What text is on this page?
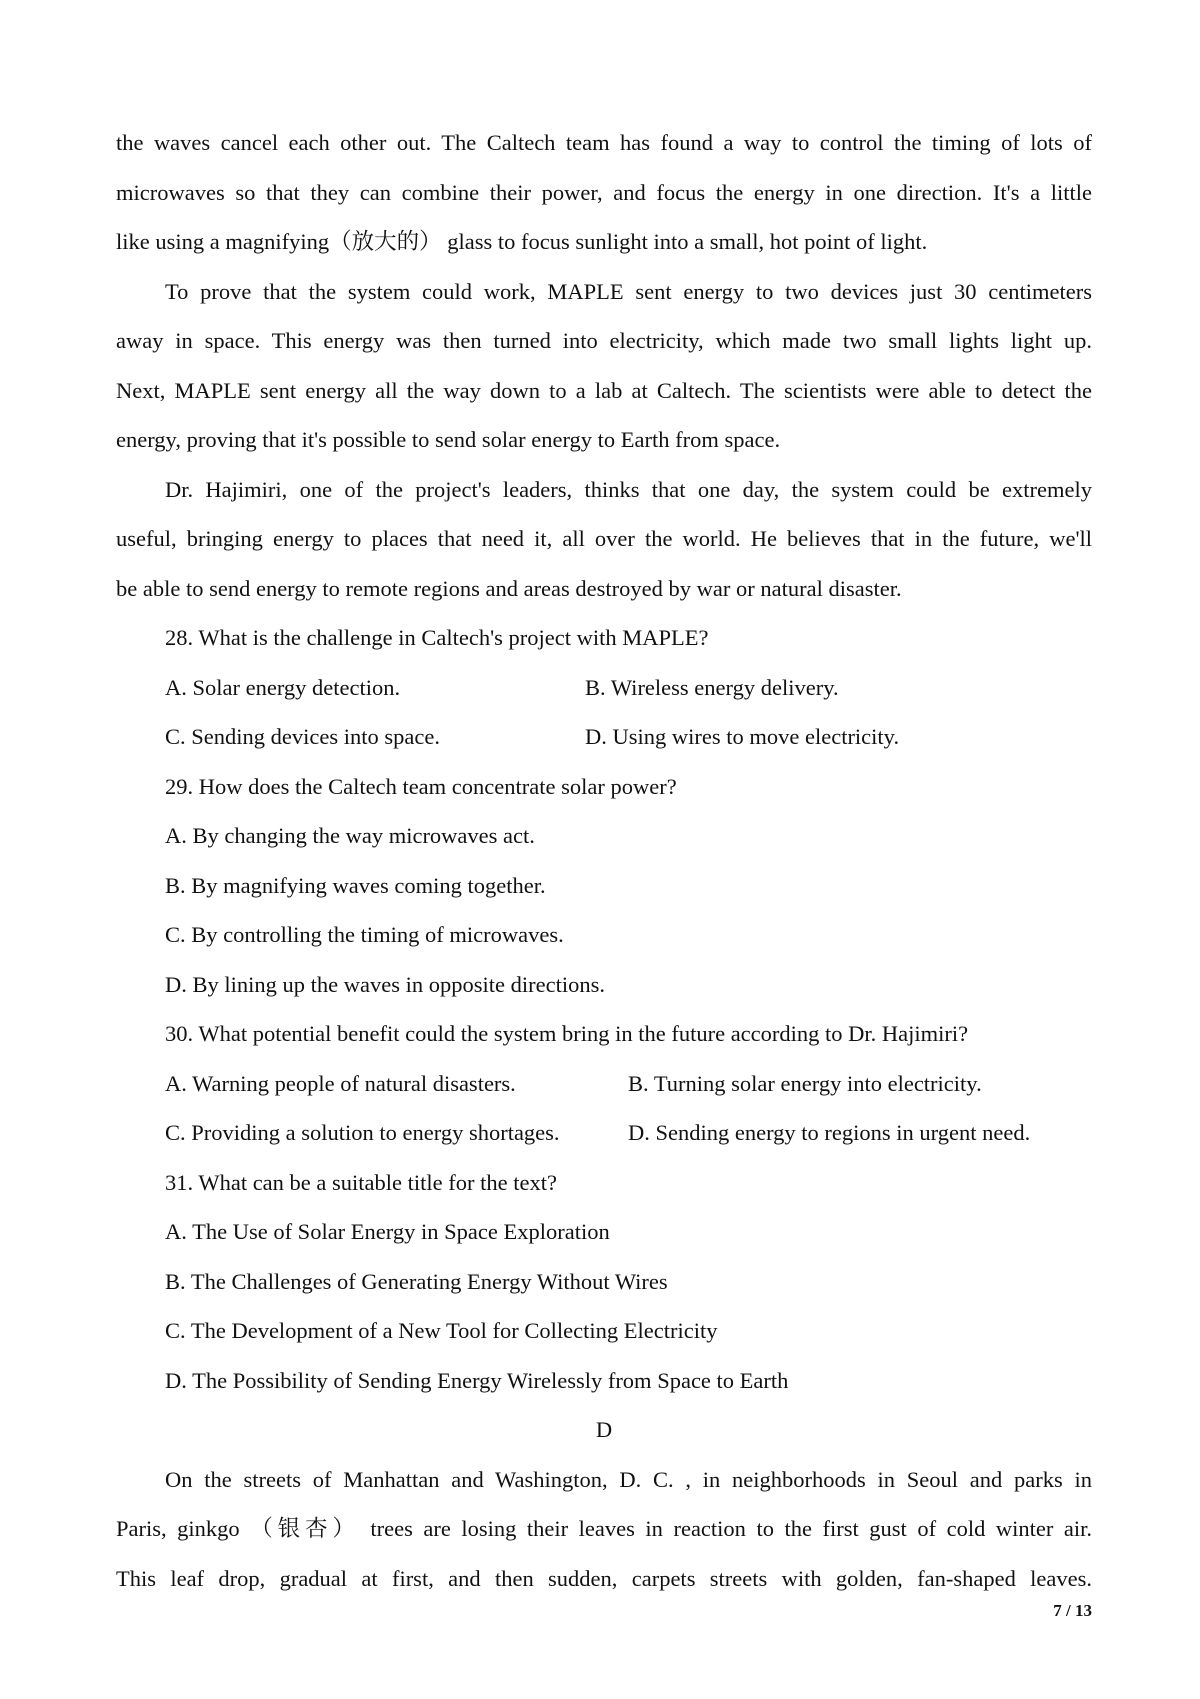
the waves cancel each other out. The Caltech team has found a way to control the timing of lots of
microwaves so that they can combine their power, and focus the energy in one direction. It's a little
like using a magnifying（放大的） glass to focus sunlight into a small, hot point of light.
To prove that the system could work, MAPLE sent energy to two devices just 30 centimeters
away in space. This energy was then turned into electricity, which made two small lights light up.
Next, MAPLE sent energy all the way down to a lab at Caltech. The scientists were able to detect the
energy, proving that it's possible to send solar energy to Earth from space.
Dr. Hajimiri, one of the project's leaders, thinks that one day, the system could be extremely
useful, bringing energy to places that need it, all over the world. He believes that in the future, we'll
be able to send energy to remote regions and areas destroyed by war or natural disaster.
28. What is the challenge in Caltech's project with MAPLE?
A. Solar energy detection.	B. Wireless energy delivery.
C. Sending devices into space.	D. Using wires to move electricity.
29. How does the Caltech team concentrate solar power?
A. By changing the way microwaves act.
B. By magnifying waves coming together.
C. By controlling the timing of microwaves.
D. By lining up the waves in opposite directions.
30. What potential benefit could the system bring in the future according to Dr. Hajimiri?
A. Warning people of natural disasters.	B. Turning solar energy into electricity.
C. Providing a solution to energy shortages.	D. Sending energy to regions in urgent need.
31. What can be a suitable title for the text?
A. The Use of Solar Energy in Space Exploration
B. The Challenges of Generating Energy Without Wires
C. The Development of a New Tool for Collecting Electricity
D. The Possibility of Sending Energy Wirelessly from Space to Earth
D
On the streets of Manhattan and Washington, D. C. , in neighborhoods in Seoul and parks in
Paris, ginkgo （银杏） trees are losing their leaves in reaction to the first gust of cold winter air.
This leaf drop, gradual at first, and then sudden, carpets streets with golden, fan-shaped leaves.
7 / 13
